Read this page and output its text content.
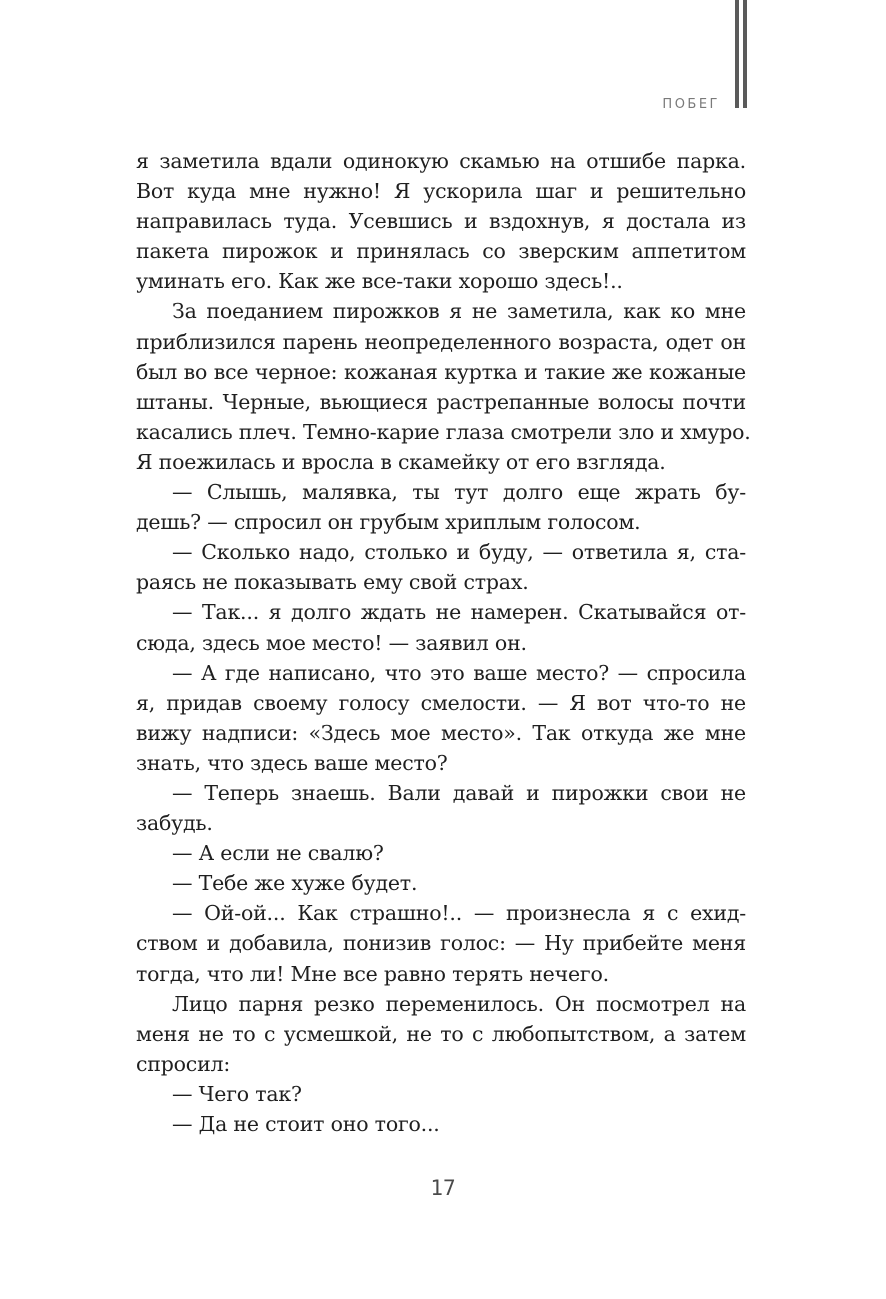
ПОБЕГ
я заметила вдали одинокую скамью на отшибе парка.
Вот куда мне нужно! Я ускорила шаг и решительно
направилась туда. Усевшись и вздохнув, я достала из
пакета пирожок и принялась со зверским аппетитом
уминать его. Как же все-таки хорошо здесь!..
За поеданием пирожков я не заметила, как ко мне
приблизился парень неопределенного возраста, одет он
был во все черное: кожаная куртка и такие же кожаные
штаны. Черные, вьющиеся растрепанные волосы почти
касались плеч. Темно-карие глаза смотрели зло и хмуро.
Я поежилась и вросла в скамейку от его взгляда.
— Слышь, малявка, ты тут долго еще жрать бу-
дешь? — спросил он грубым хриплым голосом.
— Сколько надо, столько и буду, — ответила я, ста-
раясь не показывать ему свой страх.
— Так... я долго ждать не намерен. Скатывайся от-
сюда, здесь мое место! — заявил он.
— А где написано, что это ваше место? — спросила
я, придав своему голосу смелости. — Я вот что-то не
вижу надписи: «Здесь мое место». Так откуда же мне
знать, что здесь ваше место?
— Теперь знаешь. Вали давай и пирожки свои не
забудь.
— А если не свалю?
— Тебе же хуже будет.
— Ой-ой... Как страшно!.. — произнесла я с ехид-
ством и добавила, понизив голос: — Ну прибейте меня
тогда, что ли! Мне все равно терять нечего.
Лицо парня резко переменилось. Он посмотрел на
меня не то с усмешкой, не то с любопытством, а затем
спросил:
— Чего так?
— Да не стоит оно того...
17
